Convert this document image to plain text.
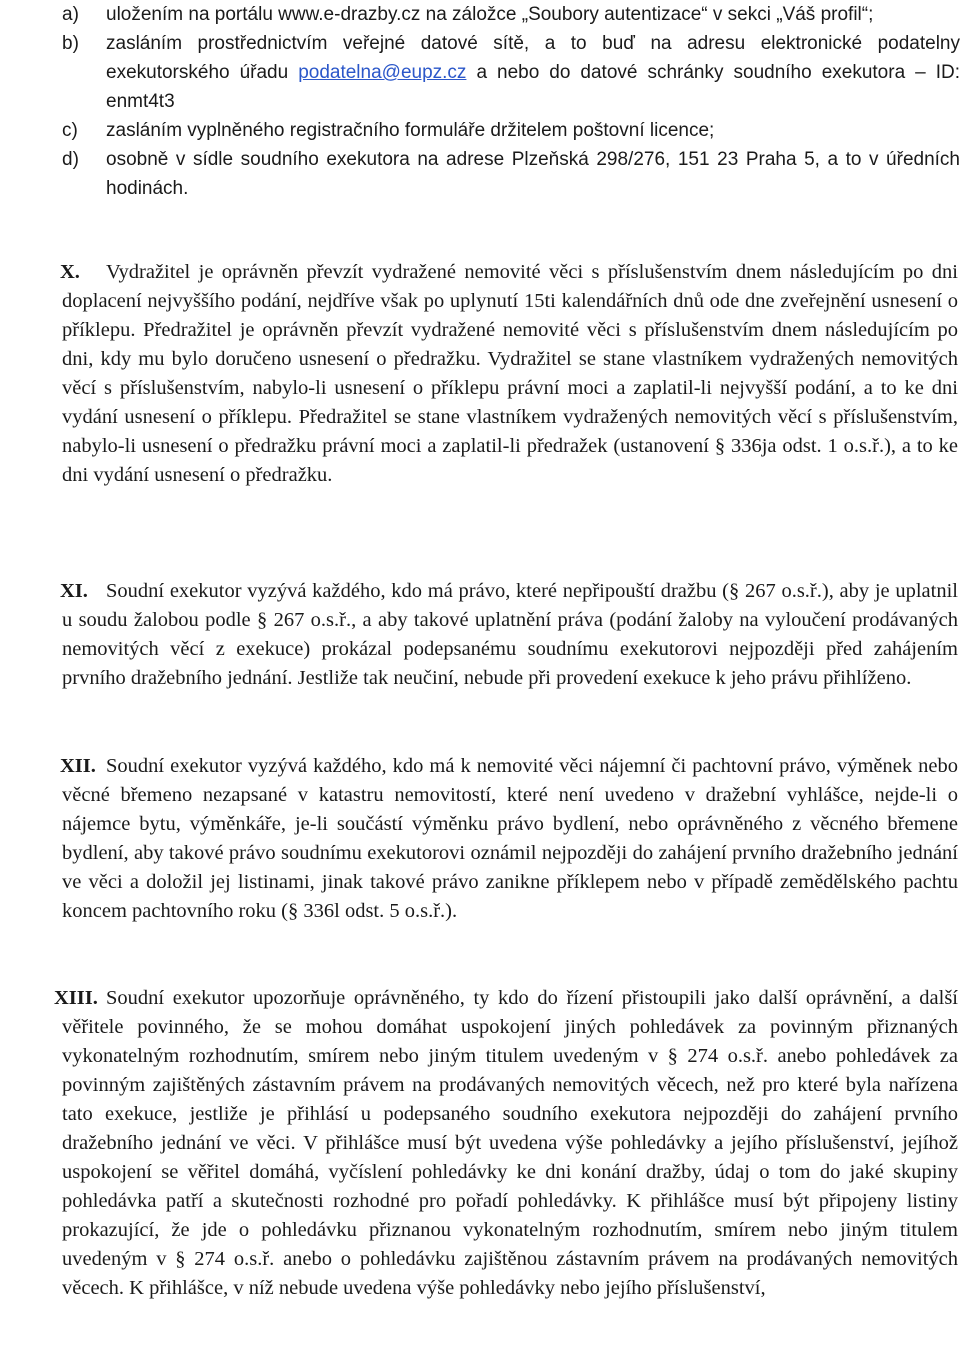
a)	uložením na portálu www.e-drazby.cz na záložce „Soubory autentizace“ v sekci „Váš profil“;
b)	zasláním prostřednictvím veřejné datové sítě, a to buď na adresu elektronické podatelny exekutorského úřadu podatelna@eupz.cz a nebo do datové schránky soudního exekutora – ID: enmt4t3
c)	zasláním vyplněného registračního formuláře držitelem poštovní licence;
d)	osobně v sídle soudního exekutora na adrese Plzeňská 298/276, 151 23 Praha 5, a to v úředních hodinách.
X.	Vydražitel je oprávněn převzít vydražené nemovité věci s příslušenstvím dnem následujícím po dni doplacení nejvyššího podání, nejdříve však po uplynutí 15ti kalendářních dnů ode dne zveřejnění usnesení o příklepu. Předražitel je oprávněn převzít vydražené nemovité věci s příslušenstvím dnem následujícím po dni, kdy mu bylo doručeno usnesení o předražku. Vydražitel se stane vlastníkem vydražených nemovitých věcí s příslušenstvím, nabylo-li usnesení o příklepu právní moci a zaplatil-li nejvyšší podání, a to ke dni vydání usnesení o příklepu. Předražitel se stane vlastníkem vydražených nemovitých věcí s příslušenstvím, nabylo-li usnesení o předražku právní moci a zaplatil-li předražek (ustanovení § 336ja odst. 1 o.s.ř.), a to ke dni vydání usnesení o předražku.

XI. Soudní exekutor vyzývá každého, kdo má právo, které nepřipouští dražbu (§ 267 o.s.ř.), aby je uplatnil u soudu žalobou podle § 267 o.s.ř., a aby takové uplatnění práva (podání žaloby na vyloučení prodávaných nemovitých věcí z exekuce) prokázal podepsanému soudnímu exekutorovi nejpozději před zahájením prvního dražebního jednání. Jestliže tak neučiní, nebude při provedení exekuce k jeho právu přihlíženo.

XII. Soudní exekutor vyzývá každého, kdo má k nemovité věci nájemní či pachtovní právo, výměnek nebo věcné břemeno nezapsané v katastru nemovitostí, které není uvedeno v dražební vyhlášce, nejde-li o nájemce bytu, výměnkáře, je-li součástí výměnku právo bydlení, nebo oprávněného z věcného břemene bydlení, aby takové právo soudnímu exekutorovi oznámil nejpozději do zahájení prvního dražebního jednání ve věci a doložil jej listinami, jinak takové právo zanikne příklepem nebo v případě zemědělského pachtu koncem pachtovního roku (§ 336l odst. 5 o.s.ř.).

XIII. Soudní exekutor upozorňuje oprávněného, ty kdo do řízení přistoupili jako další oprávnění, a další věřitele povinného, že se mohou domáhat uspokojení jiných pohledávek za povinným přiznaných vykonatelným rozhodnutím, smírem nebo jiným titulem uvedeným v § 274 o.s.ř. anebo pohledávek za povinným zajištěných zástavním právem na prodávaných nemovitých věcech, než pro které byla nařízena tato exekuce, jestliže je přihlásí u podepsaného soudního exekutora nejpozději do zahájení prvního dražebního jednání ve věci. V přihlášce musí být uvedena výše pohledávky a jejího příslušenství, jejíhož uspokojení se věřitel domáhá, vyčíslení pohledávky ke dni konání dražby, údaj o tom do jaké skupiny pohledávka patří a skutečnosti rozhodné pro pořadí pohledávky. K přihlášce musí být připojeny listiny prokazující, že jde o pohledávku přiznanou vykonatelným rozhodnutím, smírem nebo jiným titulem uvedeným v § 274 o.s.ř. anebo o pohledávku zajištěnou zástavním právem na prodávaných nemovitých věcech. K přihlášce, v níž nebude uvedena výše pohledávky nebo jejího příslušenství,
